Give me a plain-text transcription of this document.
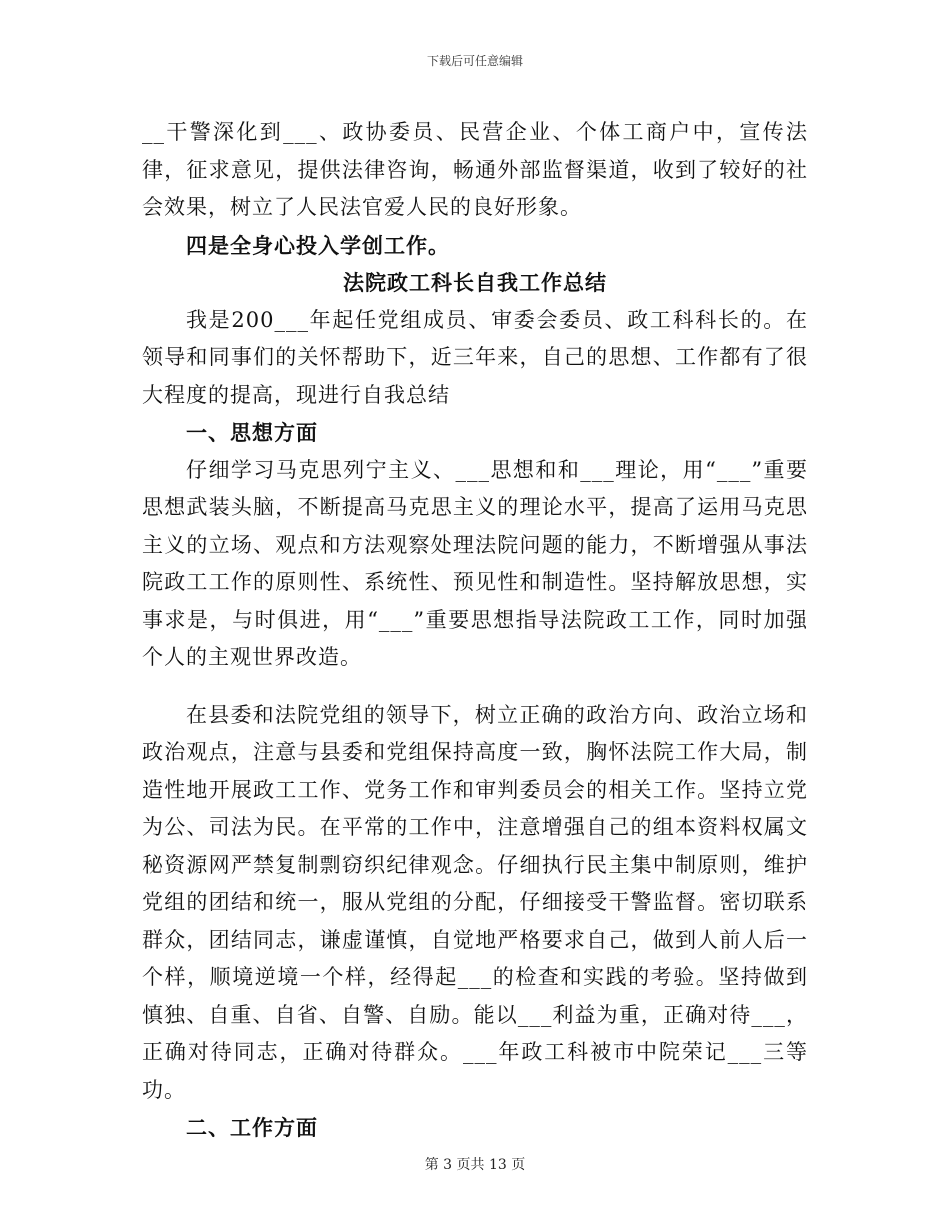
下载后可任意编辑

__干警深化到___、政协委员、民营企业、个体工商户中，宣传法律，征求意见，提供法律咨询，畅通外部监督渠道，收到了较好的社会效果，树立了人民法官爱人民的良好形象。

四是全身心投入学创工作。

法院政工科长自我工作总结

我是200___年起任党组成员、审委会委员、政工科科长的。在领导和同事们的关怀帮助下，近三年来，自己的思想、工作都有了很大程度的提高，现进行自我总结

一、思想方面

仔细学习马克思列宁主义、___思想和和___理论，用“___”重要思想武装头脑，不断提高马克思主义的理论水平，提高了运用马克思主义的立场、观点和方法观察处理法院问题的能力，不断增强从事法院政工工作的原则性、系统性、预见性和制造性。坚持解放思想，实事求是，与时俱进，用“___”重要思想指导法院政工工作，同时加强个人的主观世界改造。

在县委和法院党组的领导下，树立正确的政治方向、政治立场和政治观点，注意与县委和党组保持高度一致，胸怀法院工作大局，制造性地开展政工工作、党务工作和审判委员会的相关工作。坚持立党为公、司法为民。在平常的工作中，注意增强自己的组本资料权属文秘资源网严禁复制剽窃织纪律观念。仔细执行民主集中制原则，维护党组的团结和统一，服从党组的分配，仔细接受干警监督。密切联系群众，团结同志，谦虚谨慎，自觉地严格要求自己，做到人前人后一个样，顺境逆境一个样，经得起___的检查和实践的考验。坚持做到慎独、自重、自省、自警、自励。能以___利益为重，正确对待___，正确对待同志，正确对待群众。___年政工科被市中院荣记___三等功。

二、工作方面

第 3 页共 13 页
